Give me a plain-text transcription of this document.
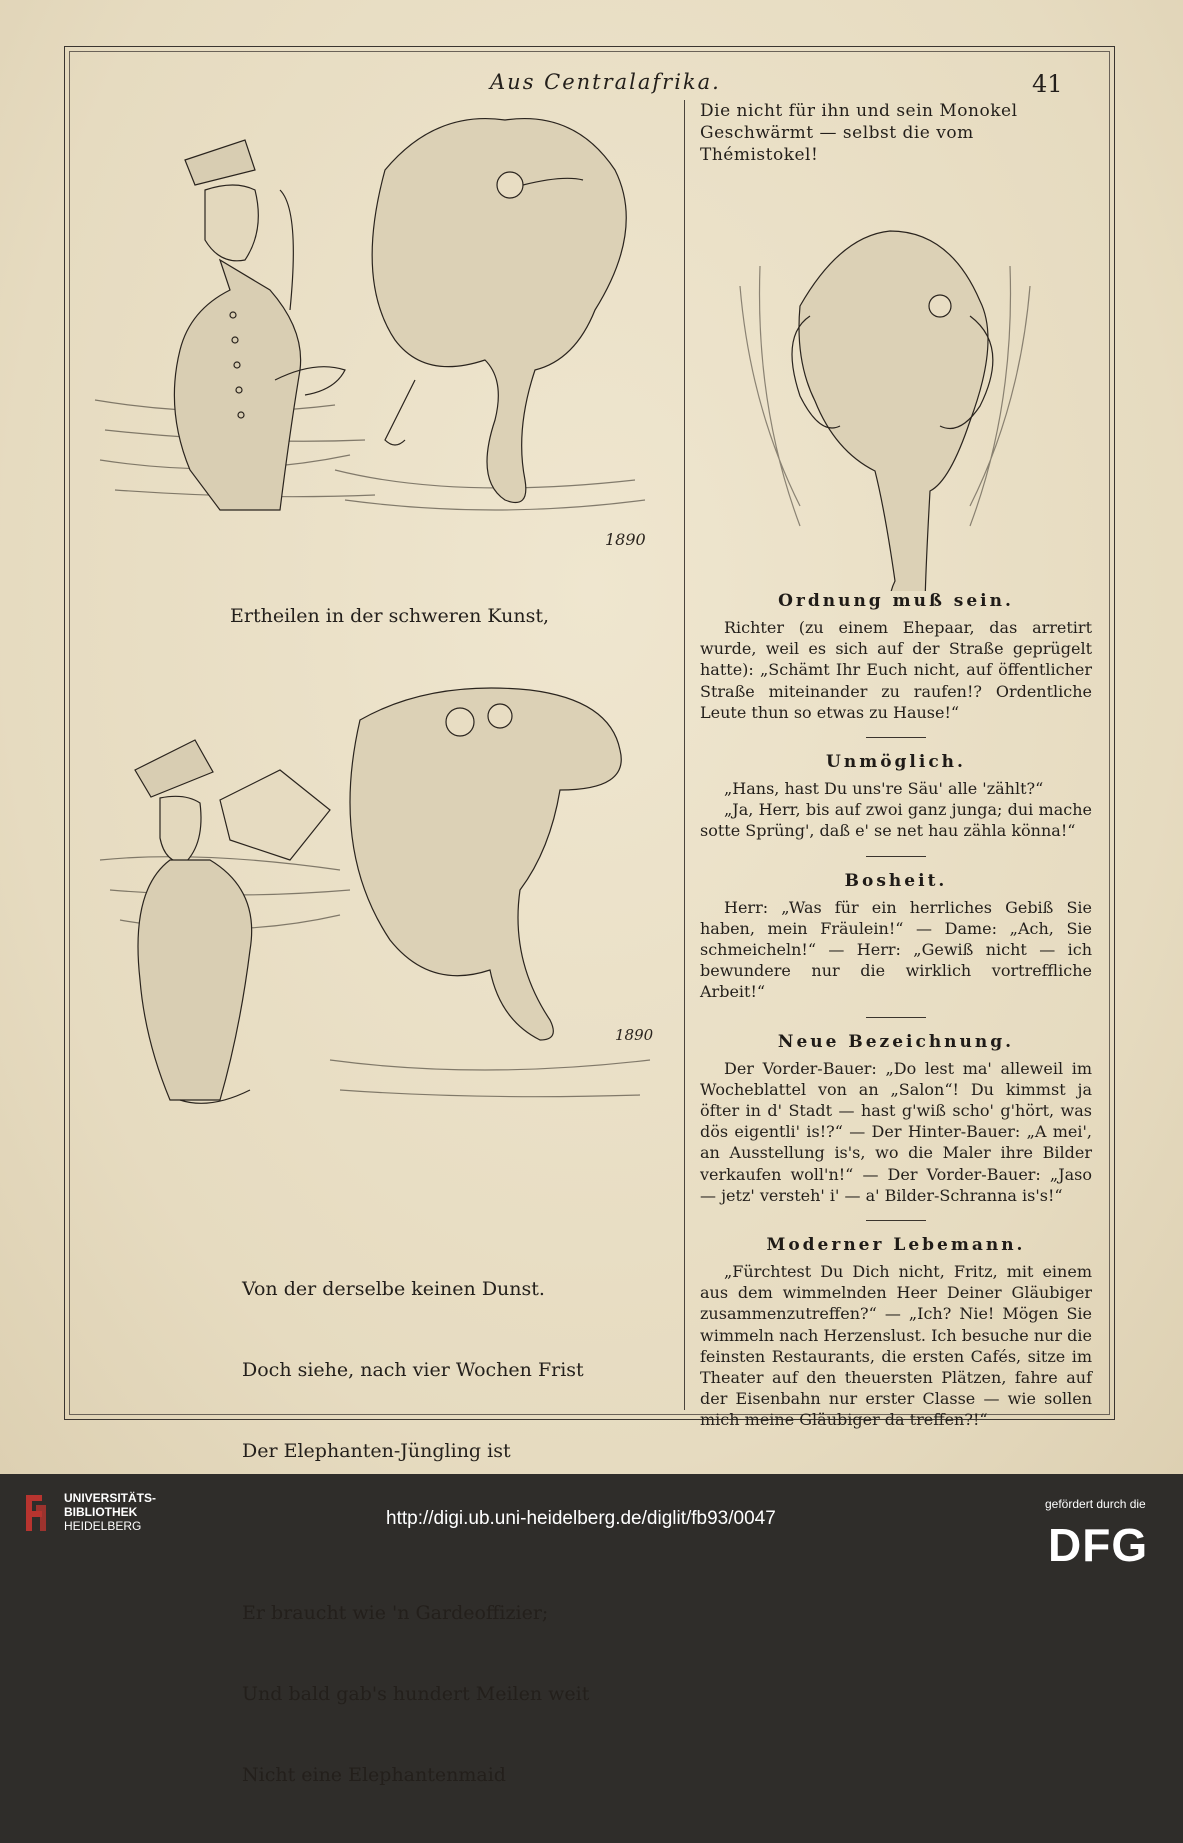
Aus Centralafrika.	41
1890
Ertheilen in der schweren Kunst,
1890

Von der derselbe keinen Dunst.

Doch siehe, nach vier Wochen Frist

Der Elephanten-Jüngling ist

Er braucht wie 'n Gardeoffizier;

Und bald gab's hundert Meilen weit

Nicht eine Elephantenmaid

Die nicht für ihn und sein Monokel
Geschwärmt — selbst die vom Thémistokel!
Ordnung muß sein.

Richter (zu einem Ehepaar, das arretirt wurde, weil es sich auf der Straße geprügelt hatte): „Schämt Ihr Euch nicht, auf öffentlicher Straße miteinander zu raufen!? Ordentliche Leute thun so etwas zu Hause!“

Unmöglich.

„Hans, hast Du uns're Säu' alle 'zählt?“

„Ja, Herr, bis auf zwoi ganz junga; dui mache sotte Sprüng', daß e' se net hau zähla könna!“

Bosheit.

Herr: „Was für ein herrliches Gebiß Sie haben, mein Fräulein!“ — Dame: „Ach, Sie schmeicheln!“ — Herr: „Gewiß nicht — ich bewundere nur die wirklich vortreffliche Arbeit!“

Neue Bezeichnung.

Der Vorder-Bauer: „Do lest ma' alleweil im Wocheblattel von an „Salon“! Du kimmst ja öfter in d' Stadt — hast g'wiß scho' g'hört, was dös eigentli' is!?“ — Der Hinter-Bauer: „A mei', an Ausstellung is's, wo die Maler ihre Bilder verkaufen woll'n!“ — Der Vorder-Bauer: „Jaso — jetz' versteh' i' — a' Bilder-Schranna is's!“

Moderner Lebemann.

„Fürchtest Du Dich nicht, Fritz, mit einem aus dem wimmelnden Heer Deiner Gläubiger zusammenzutreffen?“ — „Ich? Nie! Mögen Sie wimmeln nach Herzenslust. Ich besuche nur die feinsten Restaurants, die ersten Cafés, sitze im Theater auf den theuersten Plätzen, fahre auf der Eisenbahn nur erster Classe — wie sollen mich meine Gläubiger da treffen?!“

UNIVERSITÄTS-
BIBLIOTHEK
HEIDELBERG	http://digi.ub.uni-heidelberg.de/diglit/fb93/0047
gefördert durch die
DFG
